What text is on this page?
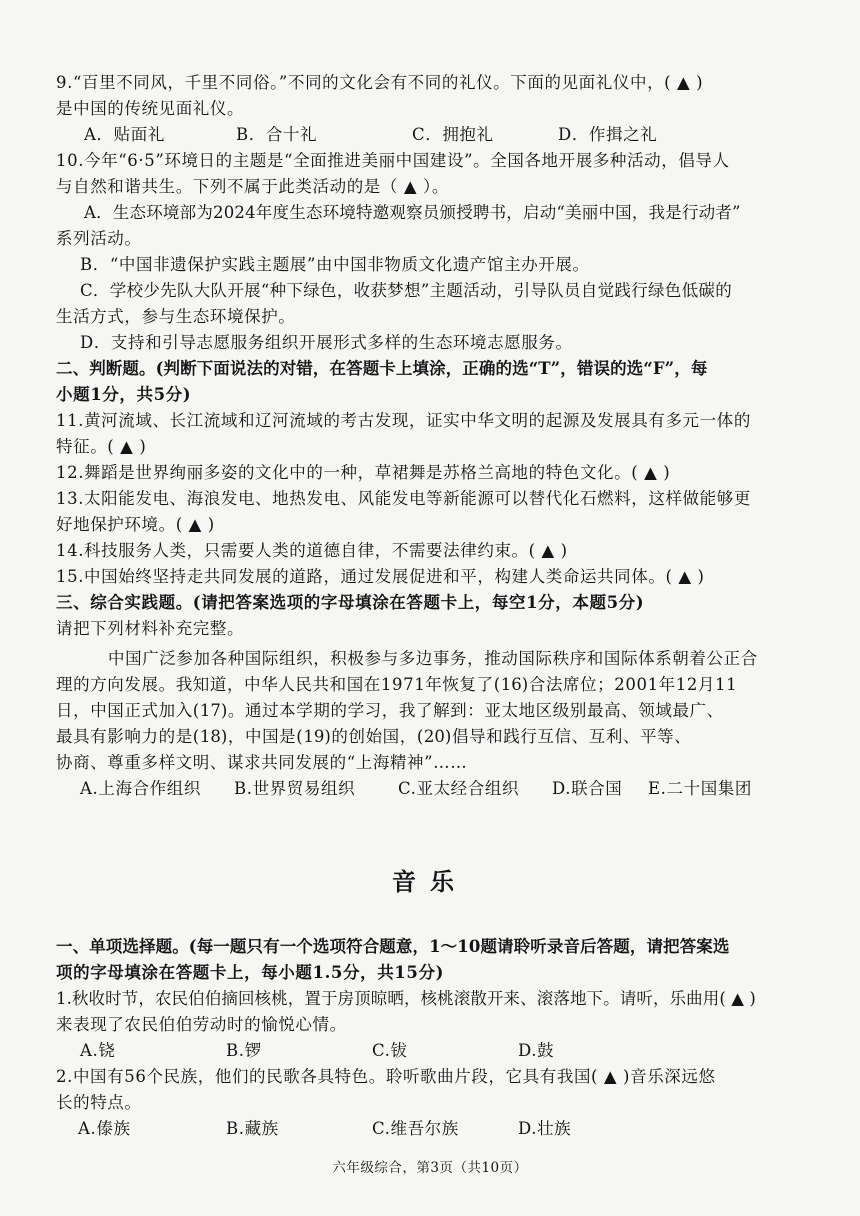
9.“百里不同风，千里不同俗。”不同的文化会有不同的礼仪。下面的见面礼仪中，( ▲ )
是中国的传统见面礼仪。
A．贴面礼	B．合十礼	C．拥抱礼	D．作揖之礼
10.今年“6·5”环境日的主题是“全面推进美丽中国建设”。全国各地开展多种活动，倡导人
与自然和谐共生。下列不属于此类活动的是（ ▲ ）。
A．生态环境部为2024年度生态环境特邀观察员颁授聘书，启动“美丽中国，我是行动者”
系列活动。
B．“中国非遗保护实践主题展”由中国非物质文化遗产馆主办开展。
C．学校少先队大队开展“种下绿色，收获梦想”主题活动，引导队员自觉践行绿色低碳的
生活方式，参与生态环境保护。
D．支持和引导志愿服务组织开展形式多样的生态环境志愿服务。
二、判断题。(判断下面说法的对错，在答题卡上填涂，正确的选“T”，错误的选“F”，每
小题1分，共5分)
11.黄河流域、长江流域和辽河流域的考古发现，证实中华文明的起源及发展具有多元一体的
特征。( ▲ )
12.舞蹈是世界绚丽多姿的文化中的一种，草裙舞是苏格兰高地的特色文化。( ▲ )
13.太阳能发电、海浪发电、地热发电、风能发电等新能源可以替代化石燃料，这样做能够更
好地保护环境。( ▲ )
14.科技服务人类，只需要人类的道德自律，不需要法律约束。( ▲ )
15.中国始终坚持走共同发展的道路，通过发展促进和平，构建人类命运共同体。( ▲ )
三、综合实践题。(请把答案选项的字母填涂在答题卡上，每空1分，本题5分)
请把下列材料补充完整。
中国广泛参加各种国际组织，积极参与多边事务，推动国际秩序和国际体系朝着公正合
理的方向发展。我知道，中华人民共和国在1971年恢复了(16)合法席位；2001年12月11
日，中国正式加入(17)。通过本学期的学习，我了解到：亚太地区级别最高、领域最广、
最具有影响力的是(18)，中国是(19)的创始国，(20)倡导和践行互信、互利、平等、
协商、尊重多样文明、谋求共同发展的“上海精神”……
A.上海合作组织 B.世界贸易组织	C.亚太经合组织 D.联合国 E.二十国集团
音乐
一、单项选择题。(每一题只有一个选项符合题意，1～10题请聆听录音后答题，请把答案选
项的字母填涂在答题卡上，每小题1.5分，共15分)
1.秋收时节，农民伯伯摘回核桃，置于房顶晾晒，核桃滚散开来、滚落地下。请听，乐曲用( ▲ )
来表现了农民伯伯劳动时的愉悦心情。
A.铙	B.锣	C.钹	D.鼓
2.中国有56个民族，他们的民歌各具特色。聆听歌曲片段，它具有我国( ▲ )音乐深远悠
长的特点。
A.傣族	B.藏族	C.维吾尔族	D.壮族
六年级综合，第3页（共10页）
